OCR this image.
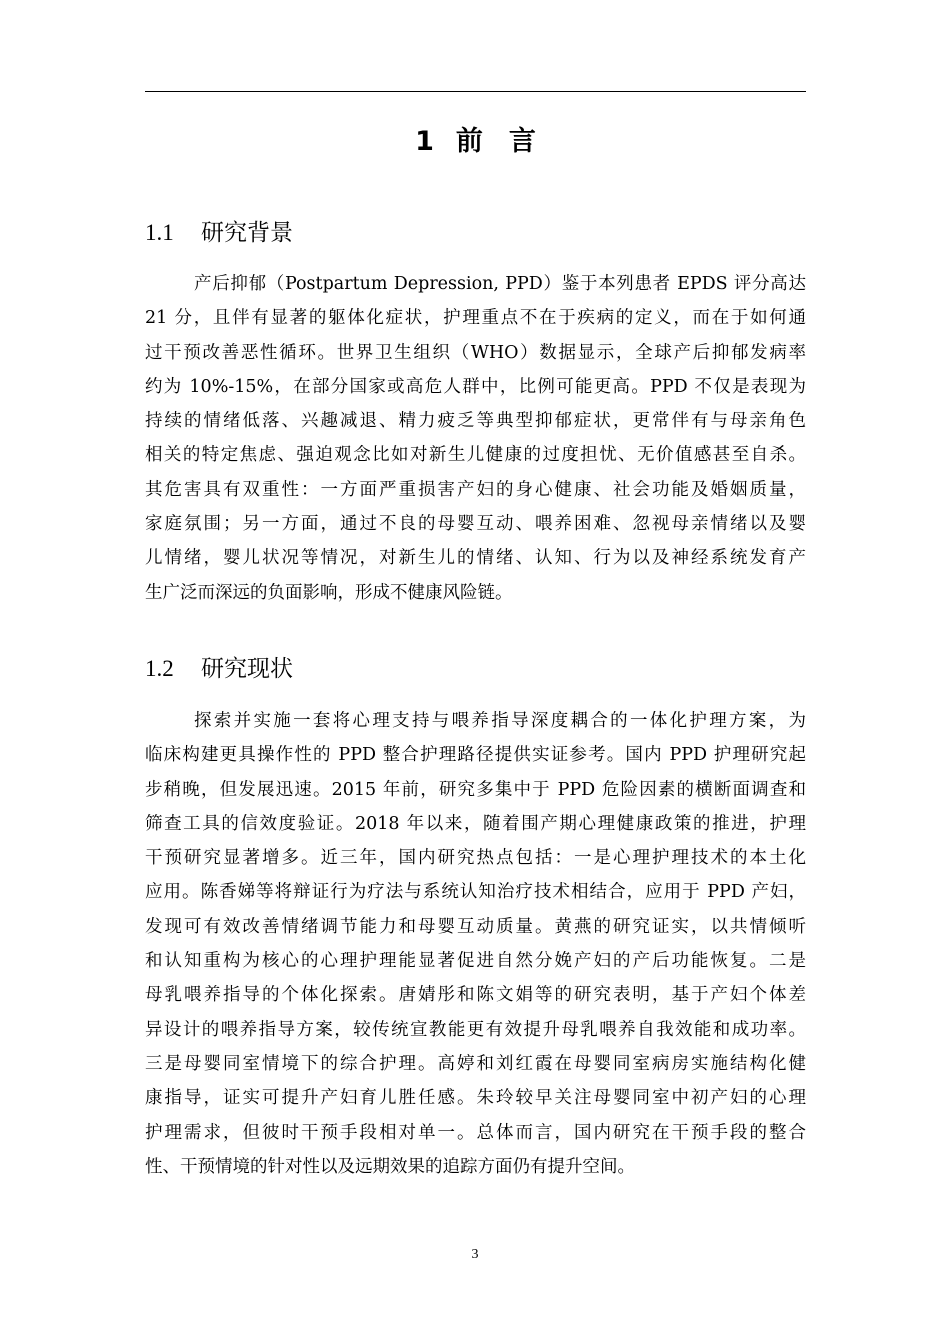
1 前 言
1.1 研究背景
产后抑郁（Postpartum Depression, PPD）鉴于本列患者 EPDS 评分高达
21 分，且伴有显著的躯体化症状，护理重点不在于疾病的定义，而在于如何通
过干预改善恶性循环。世界卫生组织（WHO）数据显示，全球产后抑郁发病率
约为 10%-15%，在部分国家或高危人群中，比例可能更高。PPD 不仅是表现为
持续的情绪低落、兴趣减退、精力疲乏等典型抑郁症状，更常伴有与母亲角色
相关的特定焦虑、强迫观念比如对新生儿健康的过度担忧、无价值感甚至自杀。
其危害具有双重性：一方面严重损害产妇的身心健康、社会功能及婚姻质量，
家庭氛围；另一方面，通过不良的母婴互动、喂养困难、忽视母亲情绪以及婴
儿情绪，婴儿状况等情况，对新生儿的情绪、认知、行为以及神经系统发育产
生广泛而深远的负面影响，形成不健康风险链。
1.2 研究现状
探索并实施一套将心理支持与喂养指导深度耦合的一体化护理方案，为
临床构建更具操作性的 PPD 整合护理路径提供实证参考。国内 PPD 护理研究起
步稍晚，但发展迅速。2015 年前，研究多集中于 PPD 危险因素的横断面调查和
筛查工具的信效度验证。2018 年以来，随着围产期心理健康政策的推进，护理
干预研究显著增多。近三年，国内研究热点包括：一是心理护理技术的本土化
应用。陈香娣等将辩证行为疗法与系统认知治疗技术相结合，应用于 PPD 产妇，
发现可有效改善情绪调节能力和母婴互动质量。黄燕的研究证实，以共情倾听
和认知重构为核心的心理护理能显著促进自然分娩产妇的产后功能恢复。二是
母乳喂养指导的个体化探索。唐婧彤和陈文娟等的研究表明，基于产妇个体差
异设计的喂养指导方案，较传统宣教能更有效提升母乳喂养自我效能和成功率。
三是母婴同室情境下的综合护理。高婷和刘红霞在母婴同室病房实施结构化健
康指导，证实可提升产妇育儿胜任感。朱玲较早关注母婴同室中初产妇的心理
护理需求，但彼时干预手段相对单一。总体而言，国内研究在干预手段的整合
性、干预情境的针对性以及远期效果的追踪方面仍有提升空间。
3
